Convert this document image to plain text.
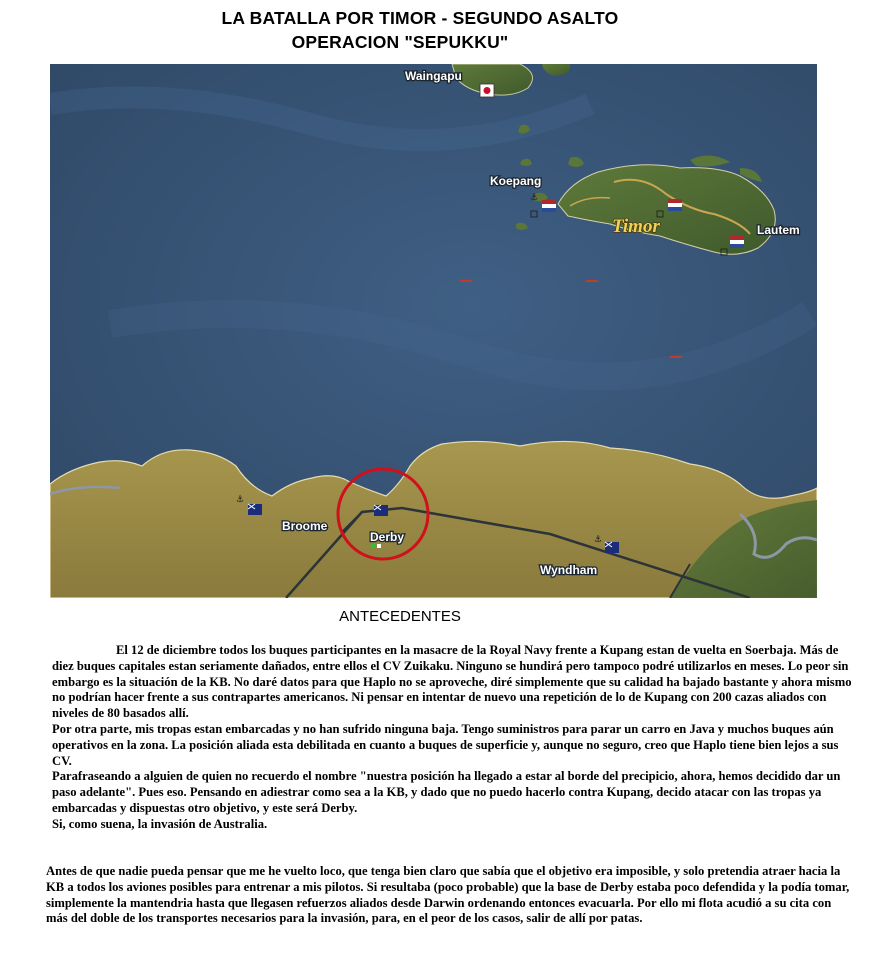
LA BATALLA POR TIMOR - SEGUNDO ASALTO
OPERACION "SEPUKKU"
⚓
⚓
⚓
Waingapu
Koepang
Timor	Lautem
Broome
Derby
Wyndham
ANTECEDENTES

El 12 de diciembre todos los buques participantes en la masacre de la Royal Navy frente a Kupang estan de vuelta en Soerbaja. Más de diez buques capitales estan seriamente dañados, entre ellos el CV Zuikaku. Ninguno se hundirá pero tampoco podré utilizarlos en meses. Lo peor sin embargo es la situación de la KB. No daré datos para que Haplo no se aproveche, diré simplemente que su calidad ha bajado bastante y ahora mismo no podrían hacer frente a sus contrapartes americanos. Ni pensar en intentar de nuevo una repetición de lo de Kupang con 200 cazas aliados con niveles de 80 basados allí.

Por otra parte, mis tropas estan embarcadas y no han sufrido ninguna baja. Tengo suministros para parar un carro en Java y muchos buques aún operativos en la zona. La posición aliada esta debilitada en cuanto a buques de superficie y, aunque no seguro, creo que Haplo tiene bien lejos a sus CV.

Parafraseando a alguien de quien no recuerdo el nombre "nuestra posición ha llegado a estar al borde del precipicio, ahora, hemos decidido dar un paso adelante". Pues eso. Pensando en adiestrar como sea a la KB, y dado que no puedo hacerlo contra Kupang, decido atacar con las tropas ya embarcadas y dispuestas otro objetivo, y este será Derby.

Si, como suena, la invasión de Australia.

Antes de que nadie pueda pensar que me he vuelto loco, que tenga bien claro que sabía que el objetivo era imposible, y solo pretendia atraer hacia la KB a todos los aviones posibles para entrenar a mis pilotos. Si resultaba (poco probable) que la base de Derby estaba poco defendida y la podía tomar, simplemente la mantendria hasta que llegasen refuerzos aliados desde Darwin ordenando entonces evacuarla. Por ello mi flota acudió a su cita con más del doble de los transportes necesarios para la invasión, para, en el peor de los casos, salir de allí por patas.
